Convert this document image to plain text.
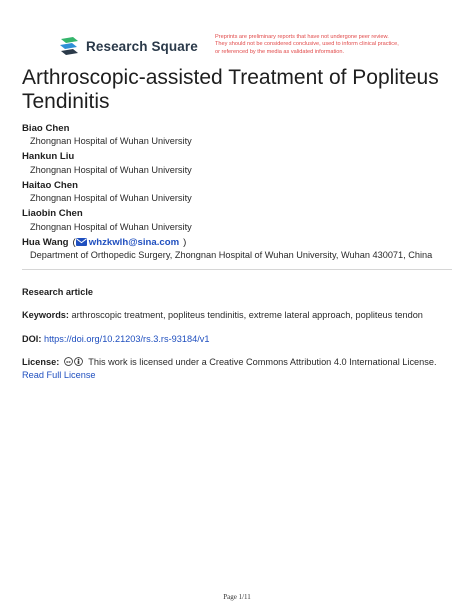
Research Square
Preprints are preliminary reports that have not undergone peer review.
They should not be considered conclusive, used to inform clinical practice,
or referenced by the media as validated information.
Arthroscopic-assisted Treatment of Popliteus
Tendinitis
Biao Chen
Zhongnan Hospital of Wuhan University
Hankun Liu
Zhongnan Hospital of Wuhan University
Haitao Chen
Zhongnan Hospital of Wuhan University
Liaobin Chen
Zhongnan Hospital of Wuhan University
Hua Wang ( whzkwlh@sina.com )
Department of Orthopedic Surgery, Zhongnan Hospital of Wuhan University, Wuhan 430071, China
Research article
Keywords: arthroscopic treatment, popliteus tendinitis, extreme lateral approach, popliteus tendon
DOI: https://doi.org/10.21203/rs.3.rs-93184/v1
License: cc This work is licensed under a Creative Commons Attribution 4.0 International License.
Read Full License
Page 1/11
